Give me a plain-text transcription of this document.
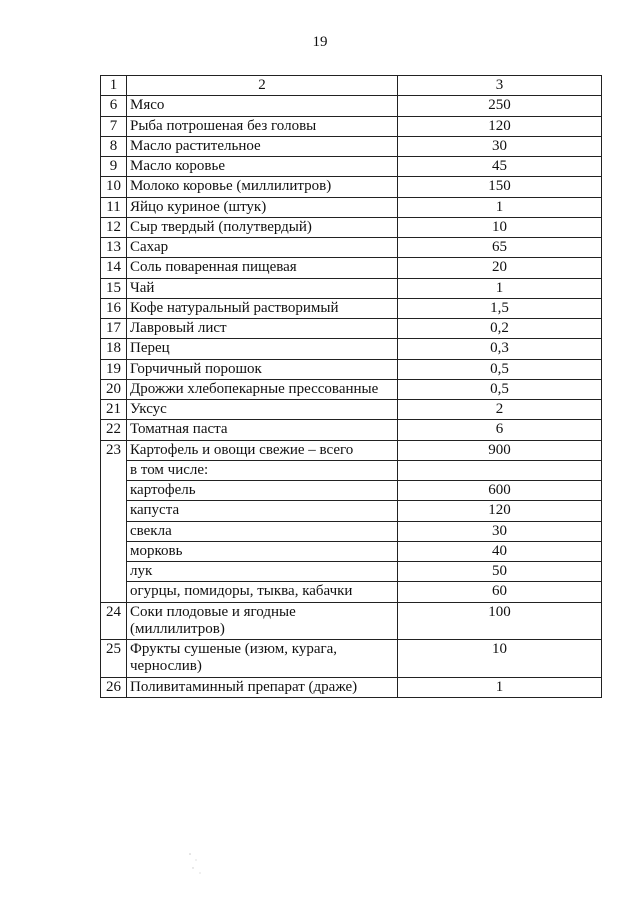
19
1	2	3
6	Мясо	250
7	Рыба потрошеная без головы	120
8	Масло растительное	30
9	Масло коровье	45
10	Молоко коровье (миллилитров)	150
11	Яйцо куриное (штук)	1
12	Сыр твердый (полутвердый)	10
13	Сахар	65
14	Соль поваренная пищевая	20
15	Чай	1
16	Кофе натуральный растворимый	1,5
17	Лавровый лист	0,2
18	Перец	0,3
19	Горчичный порошок	0,5
20	Дрожжи хлебопекарные прессованные	0,5
21	Уксус	2
22	Томатная паста	6
23	Картофель и овощи свежие – всего	900
	в том числе:	
	картофель	600
	капуста	120
	свекла	30
	морковь	40
	лук	50
	огурцы, помидоры, тыква, кабачки	60
24	Соки плодовые и ягодные (миллилитров)	100
25	Фрукты сушеные (изюм, курага, чернослив)	10
26	Поливитаминный препарат (драже)	1
